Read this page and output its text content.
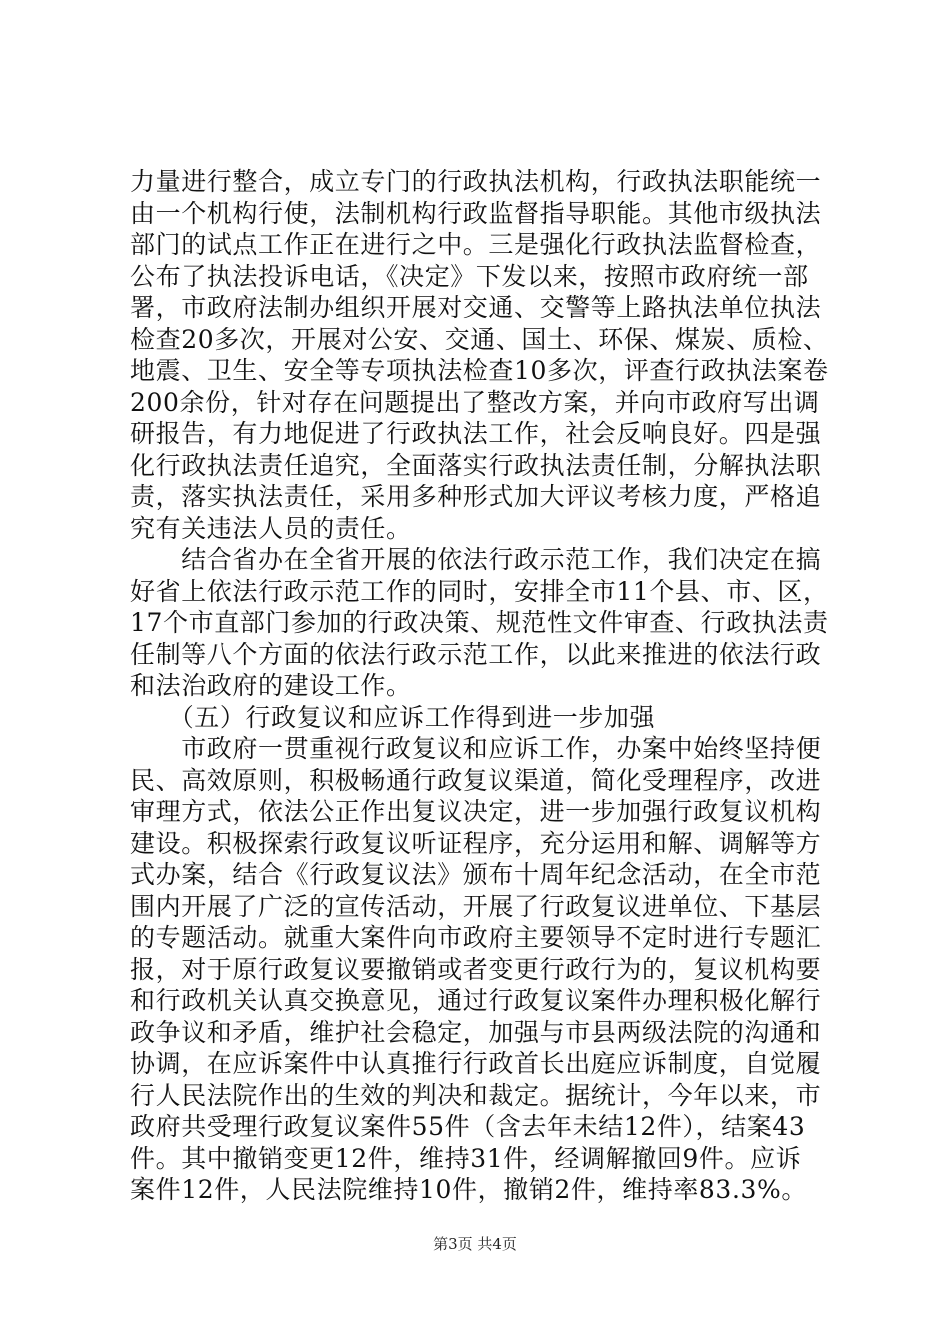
力量进行整合，成立专门的行政执法机构，行政执法职能统一
由一个机构行使，法制机构行政监督指导职能。其他市级执法
部门的试点工作正在进行之中。三是强化行政执法监督检查，
公布了执法投诉电话，《决定》下发以来，按照市政府统一部
署，市政府法制办组织开展对交通、交警等上路执法单位执法
检查20多次，开展对公安、交通、国土、环保、煤炭、质检、
地震、卫生、安全等专项执法检查10多次，评查行政执法案卷
200余份，针对存在问题提出了整改方案，并向市政府写出调
研报告，有力地促进了行政执法工作，社会反响良好。四是强
化行政执法责任追究，全面落实行政执法责任制，分解执法职
责，落实执法责任，采用多种形式加大评议考核力度，严格追
究有关违法人员的责任。
　　结合省办在全省开展的依法行政示范工作，我们决定在搞
好省上依法行政示范工作的同时，安排全市11个县、市、区，
17个市直部门参加的行政决策、规范性文件审查、行政执法责
任制等八个方面的依法行政示范工作，以此来推进的依法行政
和法治政府的建设工作。
　　（五）行政复议和应诉工作得到进一步加强
　　市政府一贯重视行政复议和应诉工作，办案中始终坚持便
民、高效原则，积极畅通行政复议渠道，简化受理程序，改进
审理方式，依法公正作出复议决定，进一步加强行政复议机构
建设。积极探索行政复议听证程序，充分运用和解、调解等方
式办案，结合《行政复议法》颁布十周年纪念活动，在全市范
围内开展了广泛的宣传活动，开展了行政复议进单位、下基层
的专题活动。就重大案件向市政府主要领导不定时进行专题汇
报，对于原行政复议要撤销或者变更行政行为的，复议机构要
和行政机关认真交换意见，通过行政复议案件办理积极化解行
政争议和矛盾，维护社会稳定，加强与市县两级法院的沟通和
协调，在应诉案件中认真推行行政首长出庭应诉制度，自觉履
行人民法院作出的生效的判决和裁定。据统计，今年以来，市
政府共受理行政复议案件55件（含去年未结12件），结案43
件。其中撤销变更12件，维持31件，经调解撤回9件。应诉
案件12件，人民法院维持10件，撤销2件，维持率83.3%。
第3页 共4页
